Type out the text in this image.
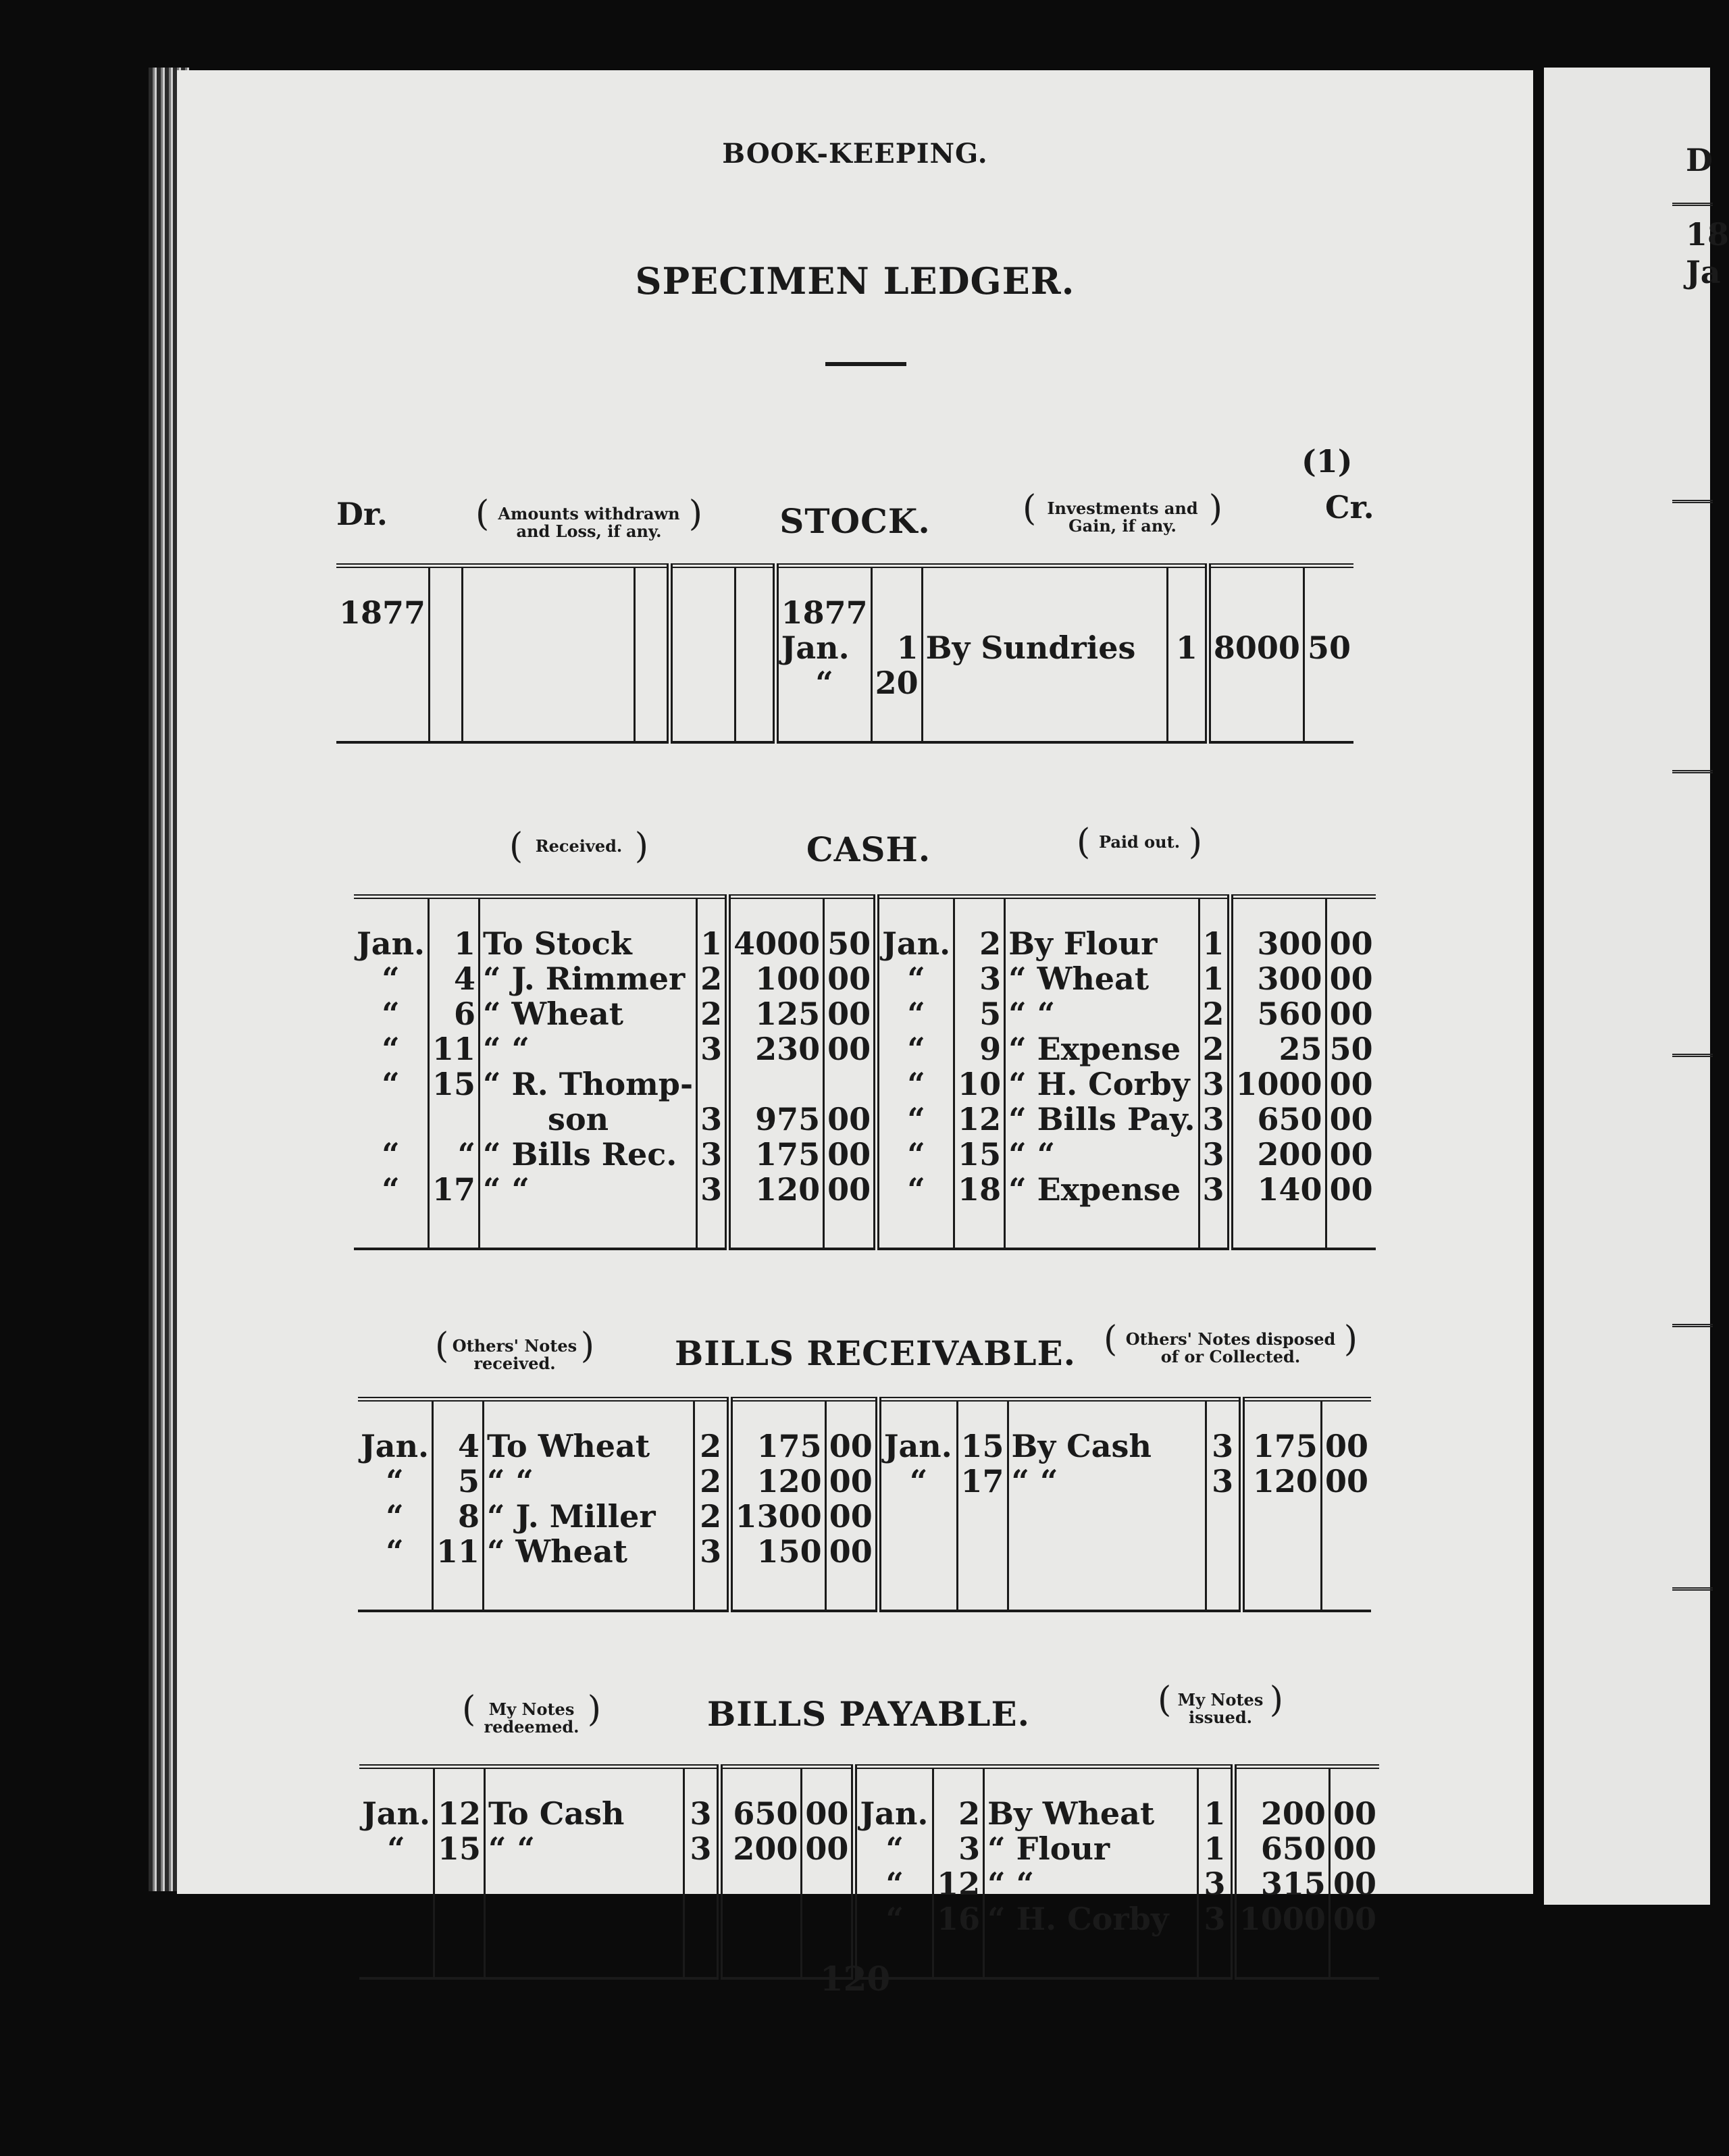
D
18
Ja
BOOK-KEEPING.
SPECIMEN LEDGER.
(1)
Dr.	Cr.
( Amounts withdrawn
and Loss, if any.
)	STOCK.	( Investments and
Gain, if any.
)
1877						1877					
						Jan.	1	By Sundries	1	8000	50
						“	20				

( Received.
)	CASH.	( Paid out.
)
Jan.	1	To Stock	1	4000	50	Jan.	2	By Flour	1	300	00
“	4	“ J. Rimmer	2	100	00	“	3	“ Wheat	1	300	00
“	6	“ Wheat	2	125	00	“	5	“ “	2	560	00
“	11	“ “	3	230	00	“	9	“ Expense	2	25	50
“	15	“ R. Thomp-				“	10	“ H. Corby	3	1000	00
		son	3	975	00	“	12	“ Bills Pay.	3	650	00
“	“	“ Bills Rec.	3	175	00	“	15	“ “	3	200	00
“	17	“ “	3	120	00	“	18	“ Expense	3	140	00

( Others' Notes
received.
)	BILLS RECEIVABLE.	( Others' Notes disposed
of or Collected.
)
Jan.	4	To Wheat	2	175	00	Jan.	15	By Cash	3	175	00
“	5	“ “	2	120	00	“	17	“ “	3	120	00
“	8	“ J. Miller	2	1300	00						
“	11	“ Wheat	3	150	00						

( My Notes
redeemed.
)	BILLS PAYABLE.	( My Notes
issued.
)
Jan.	12	To Cash	3	650	00	Jan.	2	By Wheat	1	200	00
“	15	“ “	3	200	00	“	3	“ Flour	1	650	00
						“	12	“ “	3	315	00
						“	16	“ H. Corby	3	1000	00

120
